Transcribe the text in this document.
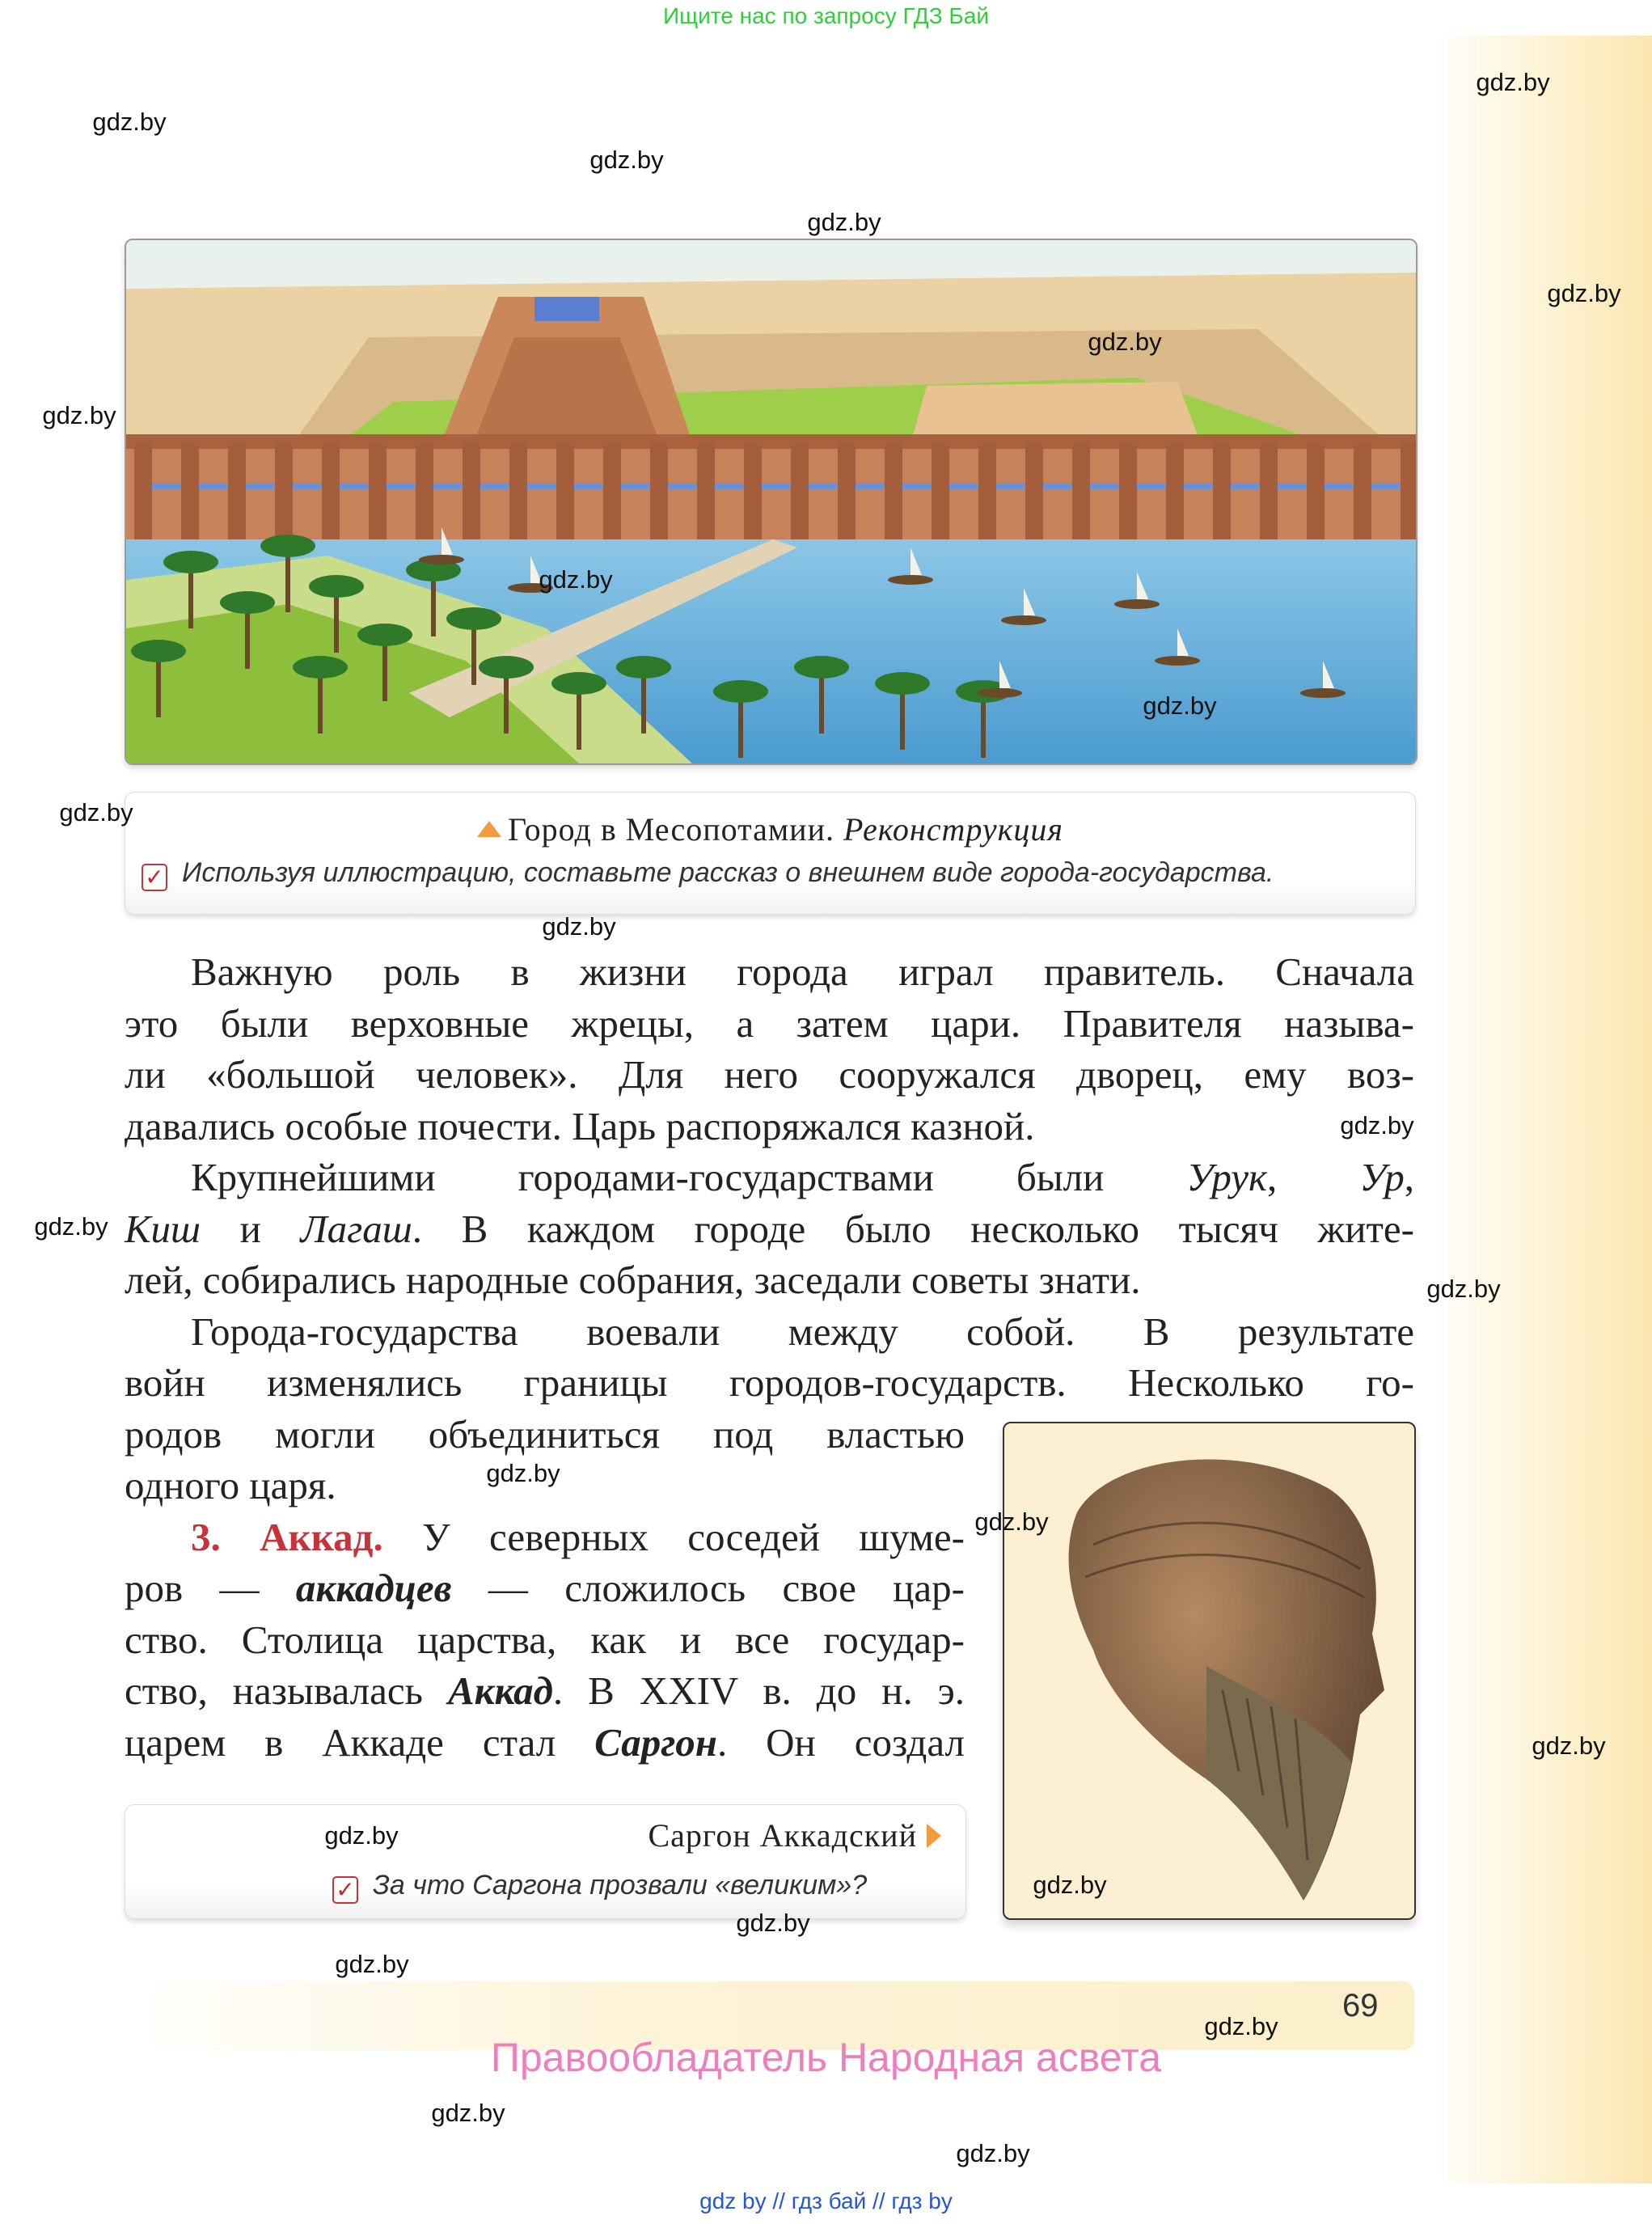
Ищите нас по запросу ГДЗ Бай
Город в Месопотамии. Реконструкция
✓ Используя иллюстрацию, составьте рассказ о внешнем виде города-государства.
Важную роль в жизни города играл правитель. Сначала
это были верховные жрецы, а затем цари. Правителя называ-
ли «большой человек». Для него сооружался дворец, ему воз-
давались особые почести. Царь распоряжался казной.
Крупнейшими городами-государствами были Урук, Ур,
Киш и Лагаш. В каждом городе было несколько тысяч жите-
лей, собирались народные собрания, заседали советы знати.
Города-государства воевали между собой. В результате
войн изменялись границы городов-государств. Несколько го-
родов могли объединиться под властью
одного царя.
3. Аккад. У северных соседей шуме-
ров — аккадцев — сложилось свое цар-
ство. Столица царства, как и все государ-
ство, называлась Аккад. В XXIV в. до н. э.
царем в Аккаде стал Саргон. Он создал
Саргон Аккадский
✓ За что Саргона прозвали «великим»?
69
Правообладатель Народная асвета
gdz by // гдз бай // гдз by
gdz.by
gdz.by
gdz.by
gdz.by
gdz.by
gdz.by
gdz.by
gdz.by
gdz.by
gdz.by
gdz.by
gdz.by
gdz.by
gdz.by
gdz.by
gdz.by
gdz.by
gdz.by
gdz.by
gdz.by
gdz.by
gdz.by
gdz.by
gdz.by
